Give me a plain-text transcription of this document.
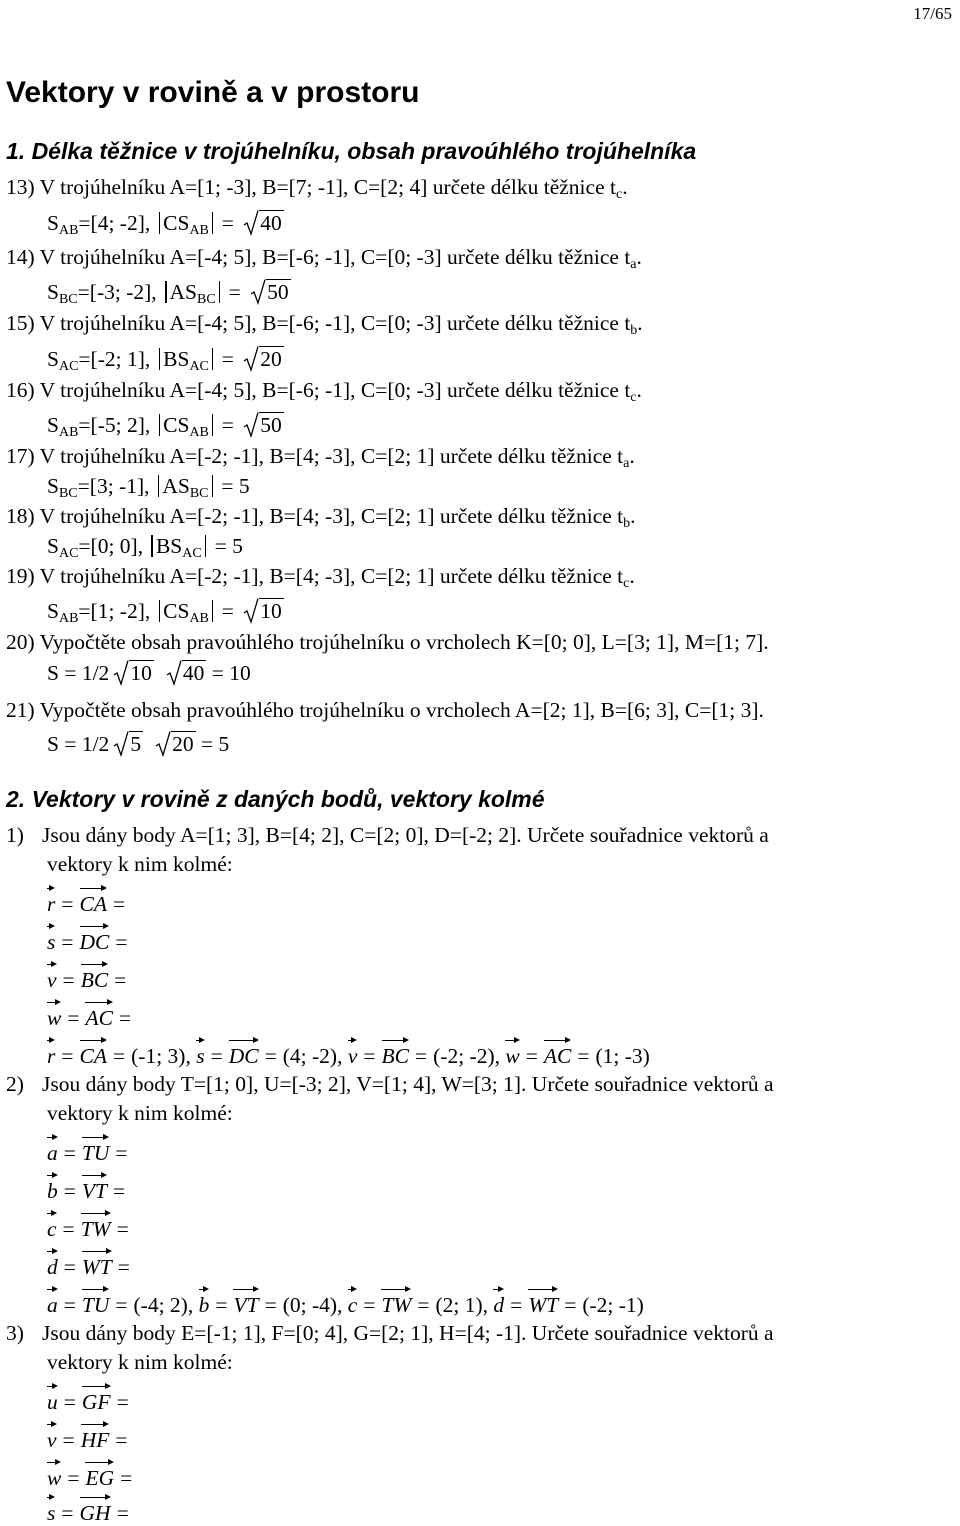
17/65
Vektory v rovině a v prostoru
1. Délka těžnice v trojúhelníku, obsah pravoúhlého trojúhelníka
13) V trojúhelníku A=[1; -3], B=[7; -1], C=[2; 4] určete délku těžnice $t_c$.
$S_{AB}=[4$; -2], $CS_{AB} = 40$
14) V trojúhelníku A=[-4; 5], B=[-6; -1], C=[0; -3] určete délku těžnice $t_a$.
$S_{BC}=[-3$; -2], $AS_{BC} = 50$
15) V trojúhelníku A=[-4; 5], B=[-6; -1], C=[0; -3] určete délku těžnice $t_b$.
$S_{AC}=[-2$; 1], $BS_{AC} = 20$
16) V trojúhelníku A=[-4; 5], B=[-6; -1], C=[0; -3] určete délku těžnice $t_c$.
$S_{AB}=[-5$; 2], $CS_{AB} = 50$
17) V trojúhelníku A=[-2; -1], B=[4; -3], C=[2; 1] určete délku těžnice $t_a$.
$S_{BC}=[3$; -1], $AS_{BC} = 5$
18) V trojúhelníku A=[-2; -1], B=[4; -3], C=[2; 1] určete délku těžnice $t_b$.
$S_{AC}=[0$; 0], $BS_{AC} = 5$
19) V trojúhelníku A=[-2; -1], B=[4; -3], C=[2; 1] určete délku těžnice $t_c$.
$S_{AB}=[1$; -2], $CS_{AB} = 10$
20) Vypočtěte obsah pravoúhlého trojúhelníku o vrcholech K=[0; 0], L=[3; 1], M=[1; 7].
S = 1/2 10 40 = 10
21) Vypočtěte obsah pravoúhlého trojúhelníku o vrcholech A=[2; 1], B=[6; 3], C=[1; 3].
S = 1/2 5 20 = 5
2. Vektory v rovině z daných bodů, vektory kolmé
1) Jsou dány body A=[1; 3], B=[4; 2], C=[2; 0], D=[-2; 2]. Určete souřadnice vektorů a
vektory k nim kolmé:
r = CA =
s = DC =
v = BC =
w = AC =
r = CA = (-1; 3), s = DC = (4; -2), v = BC = (-2; -2), w = AC = (1; -3)
2) Jsou dány body T=[1; 0], U=[-3; 2], V=[1; 4], W=[3; 1]. Určete souřadnice vektorů a
vektory k nim kolmé:
a = TU =
b = VT =
c = TW =
d = WT =
a = TU = (-4; 2), b = VT = (0; -4), c = TW = (2; 1), d = WT = (-2; -1)
3) Jsou dány body E=[-1; 1], F=[0; 4], G=[2; 1], H=[4; -1]. Určete souřadnice vektorů a
vektory k nim kolmé:
u = GF =
v = HF =
w = EG =
s = GH =
